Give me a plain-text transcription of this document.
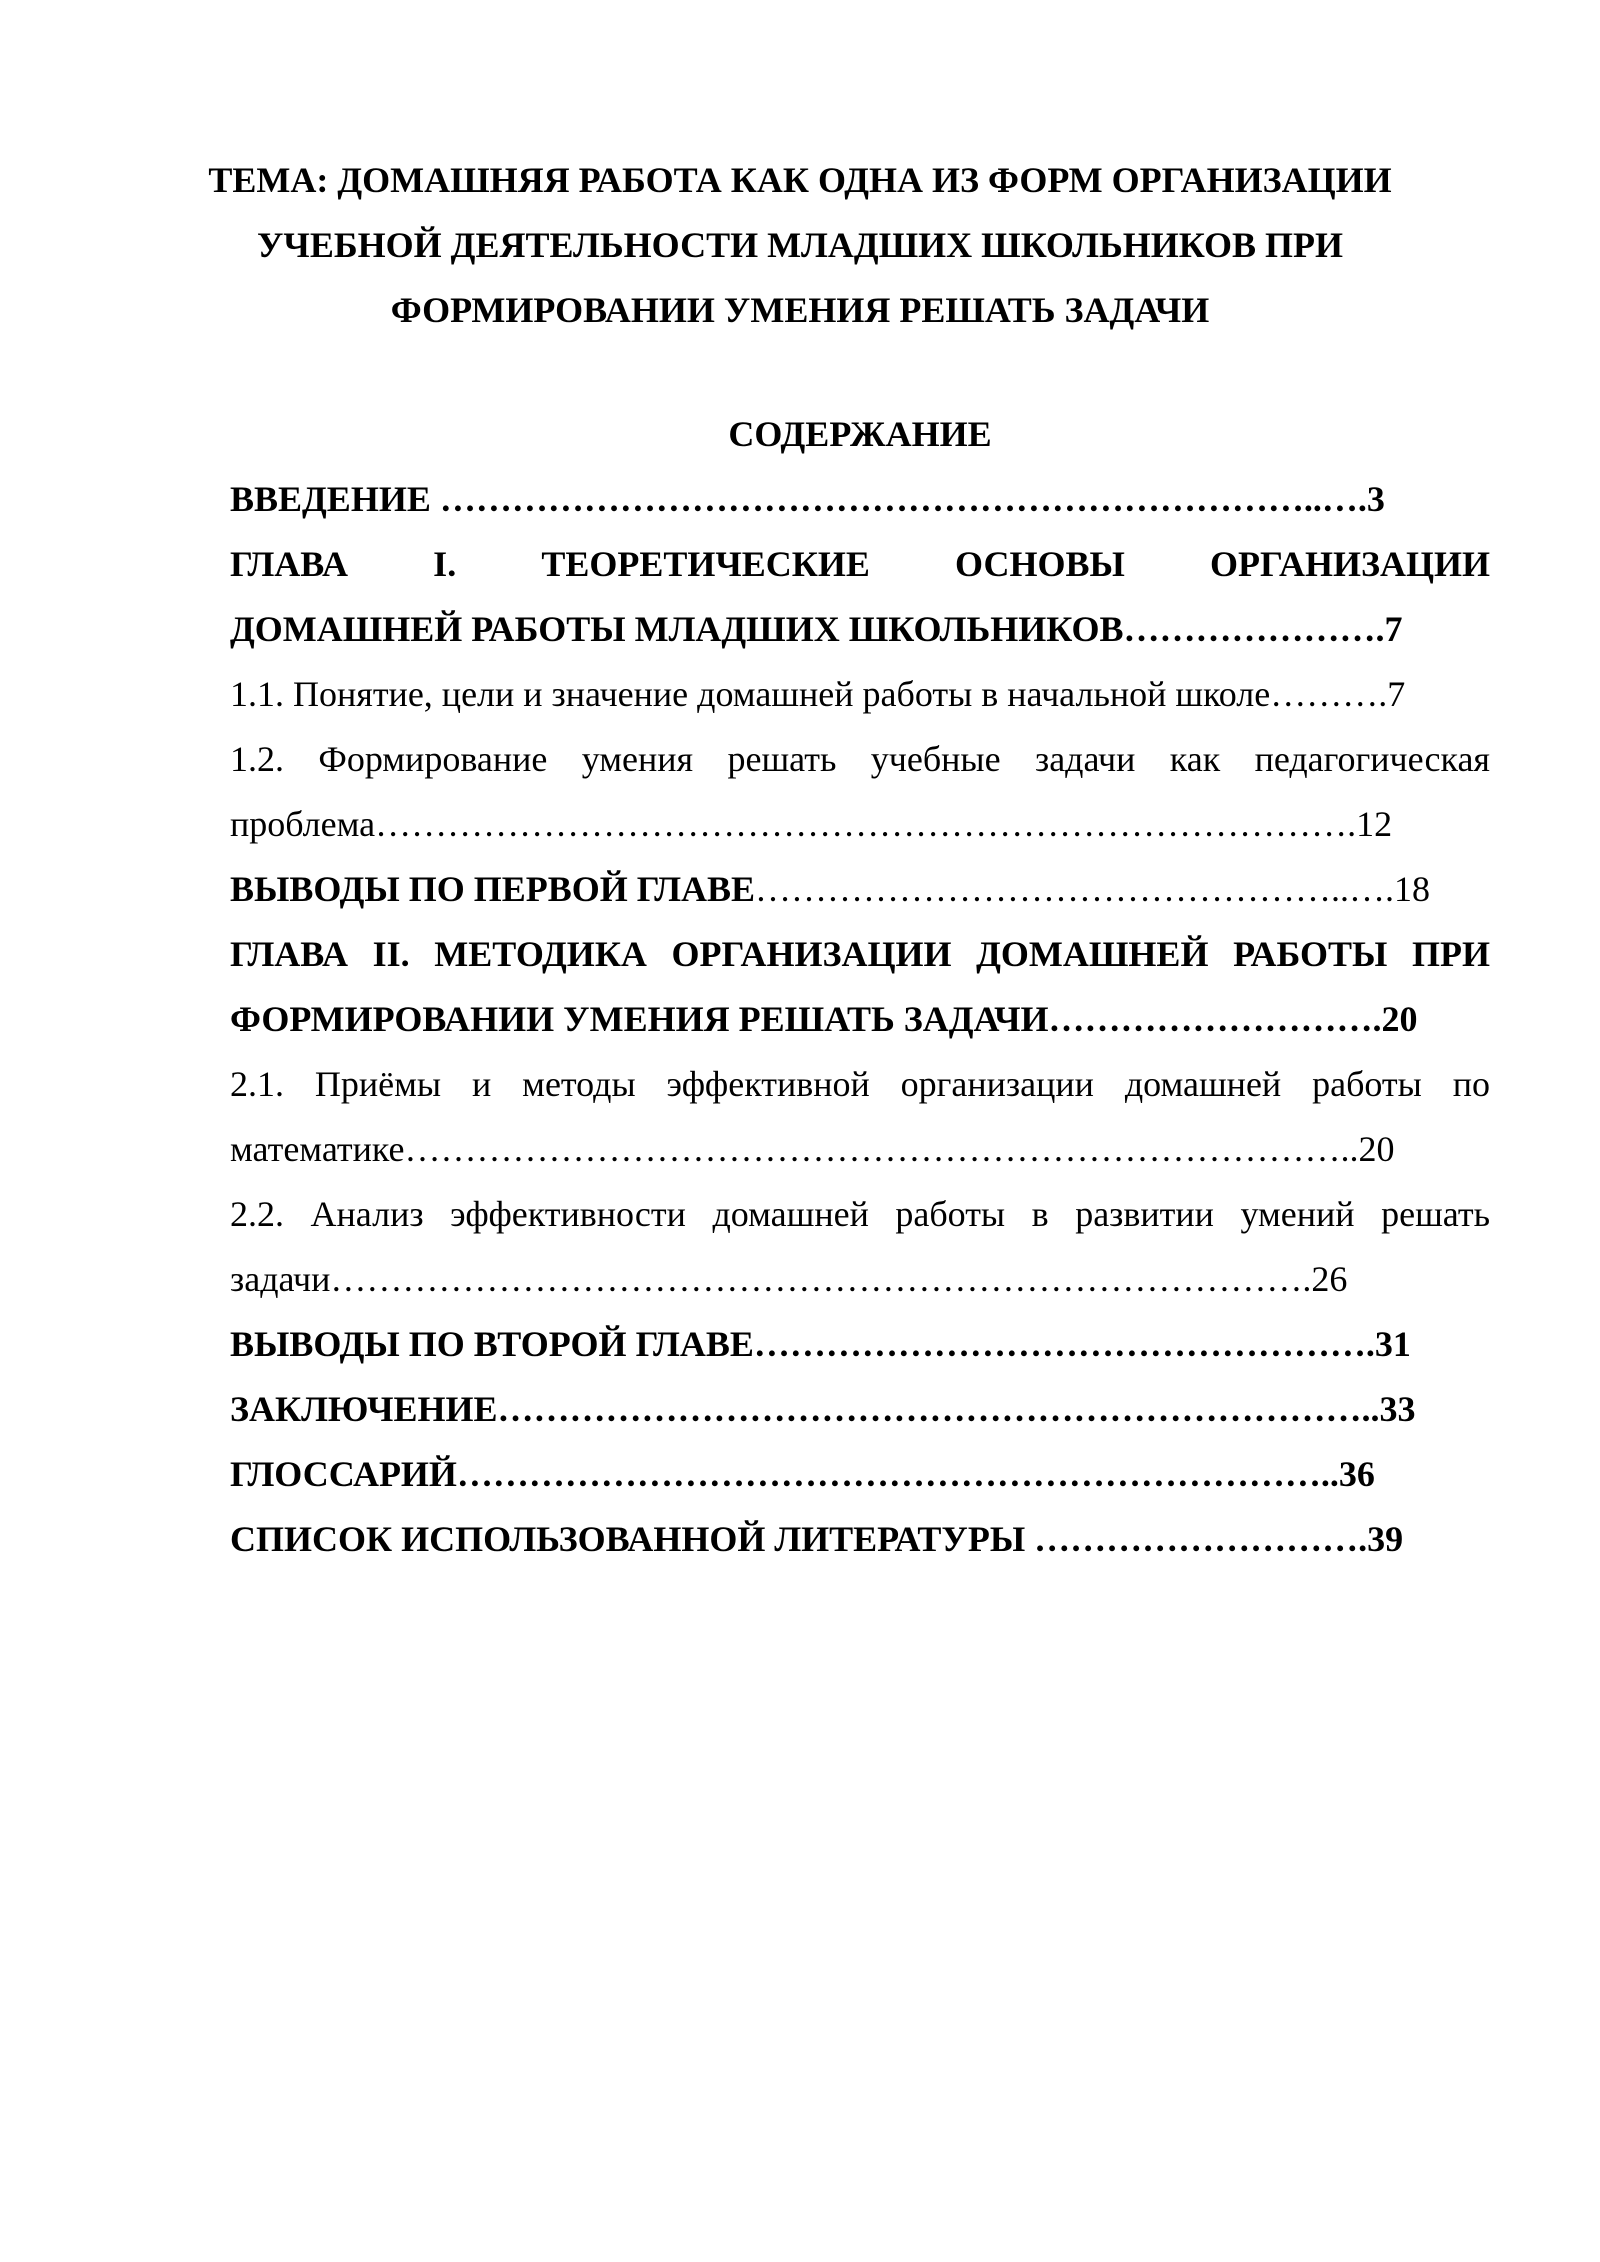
ТЕМА: ДОМАШНЯЯ РАБОТА КАК ОДНА ИЗ ФОРМ ОРГАНИЗАЦИИ
УЧЕБНОЙ ДЕЯТЕЛЬНОСТИ МЛАДШИХ ШКОЛЬНИКОВ ПРИ
ФОРМИРОВАНИИ УМЕНИЯ РЕШАТЬ ЗАДАЧИ
СОДЕРЖАНИЕ
ВВЕДЕНИЕ ………………………………………………………………..….3
ГЛАВА I. ТЕОРЕТИЧЕСКИЕ ОСНОВЫ ОРГАНИЗАЦИИ
ДОМАШНЕЙ РАБОТЫ МЛАДШИХ ШКОЛЬНИКОВ………………….7
1.1. Понятие, цели и значение домашней работы в начальной школе……….7
1.2. Формирование умения решать учебные задачи как педагогическая
проблема……………………………………………………………………….12
ВЫВОДЫ ПО ПЕРВОЙ ГЛАВЕ…………………………………………..….18
ГЛАВА II. МЕТОДИКА ОРГАНИЗАЦИИ ДОМАШНЕЙ РАБОТЫ ПРИ
ФОРМИРОВАНИИ УМЕНИЯ РЕШАТЬ ЗАДАЧИ……………………….20
2.1. Приёмы и методы эффективной организации домашней работы по
математике……………………………………………………………………..20
2.2. Анализ эффективности домашней работы в развитии умений решать
задачи……………………………………………………………………….26
ВЫВОДЫ ПО ВТОРОЙ ГЛАВЕ…………………………………………….31
ЗАКЛЮЧЕНИЕ………………………………………………………………..33
ГЛОССАРИЙ………………………………………………………………..36
СПИСОК ИСПОЛЬЗОВАННОЙ ЛИТЕРАТУРЫ ……………………….39
